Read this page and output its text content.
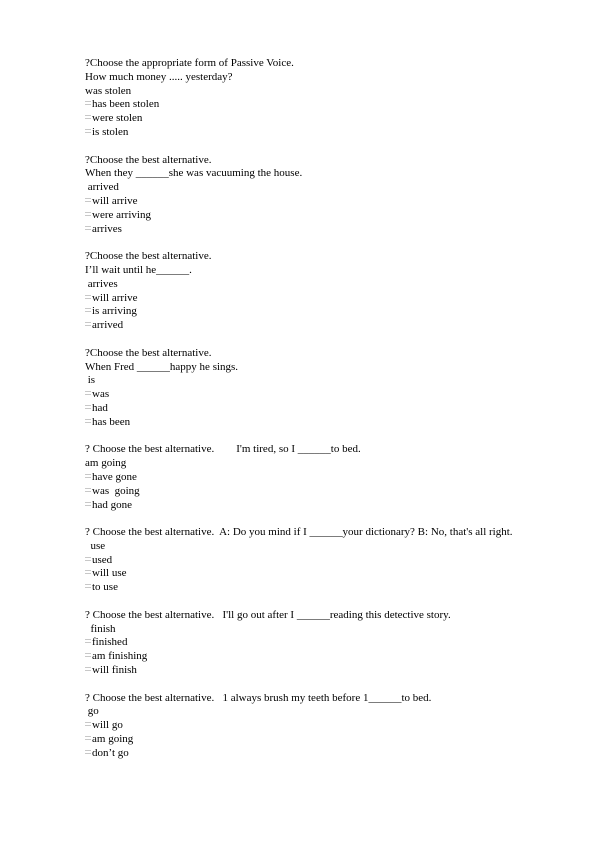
?Choose the appropriate form of Passive Voice.
How much money ..... yesterday?
was stolen
has been stolen
were stolen
is stolen
?Choose the best alternative.
When they ______she was vacuuming the house.
arrived
will arrive
were arriving
arrives
?Choose the best alternative.
I’ll wait until he______.
arrives
will arrive
is arriving
arrived
?Choose the best alternative.
When Fred ______happy he sings.
is
was
had
has been
? Choose the best alternative.        I'm tired, so I ______to bed.
am going
have gone
was  going
had gone
? Choose the best alternative.  A: Do you mind if I ______your dictionary? B: No, that's all right.
use
used
will use
to use
? Choose the best alternative.   I'll go out after I ______reading this detective story.
finish
finished
am finishing
will finish
? Choose the best alternative.   1 always brush my teeth before 1______to bed.
go
will go
am going
don’t go
